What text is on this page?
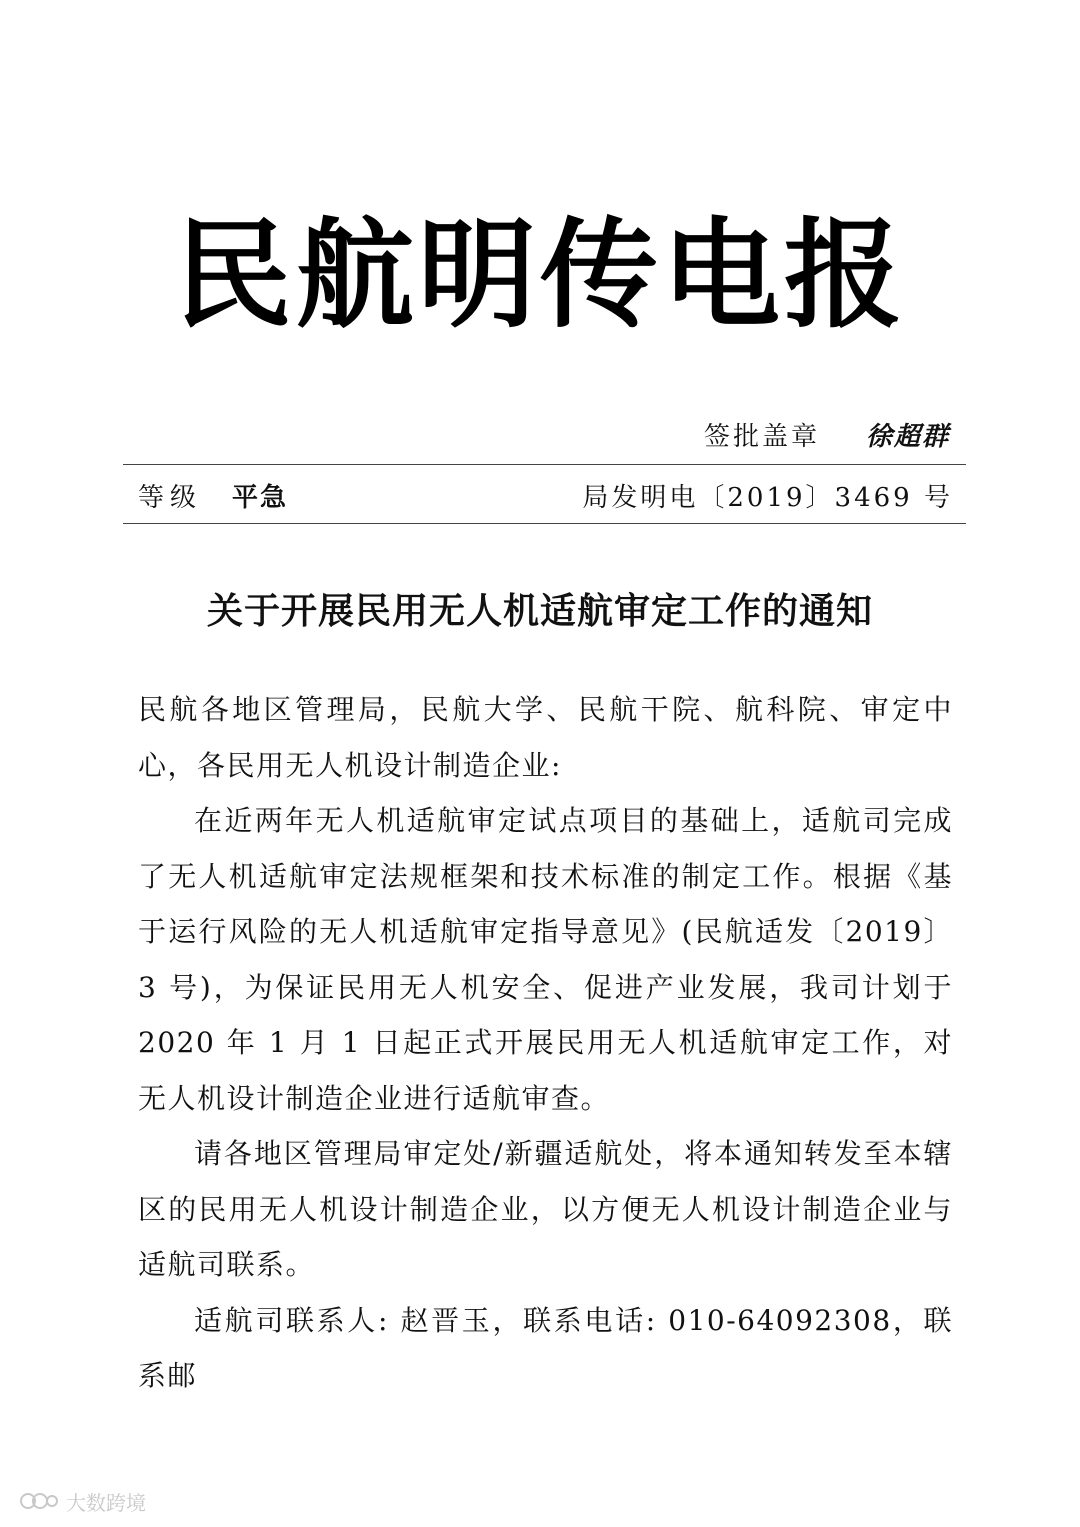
民航明传电报
签批盖章 徐超群
等级 平急	局发明电〔2019〕3469 号
关于开展民用无人机适航审定工作的通知

民航各地区管理局，民航大学、民航干院、航科院、审定中心，各民用无人机设计制造企业:

在近两年无人机适航审定试点项目的基础上，适航司完成了无人机适航审定法规框架和技术标准的制定工作。根据《基于运行风险的无人机适航审定指导意见》(民航适发〔2019〕3 号)，为保证民用无人机安全、促进产业发展，我司计划于 2020 年 1 月 1 日起正式开展民用无人机适航审定工作，对无人机设计制造企业进行适航审查。

请各地区管理局审定处/新疆适航处，将本通知转发至本辖区的民用无人机设计制造企业，以方便无人机设计制造企业与适航司联系。

适航司联系人: 赵晋玉，联系电话: 010-64092308，联系邮

大数跨境
